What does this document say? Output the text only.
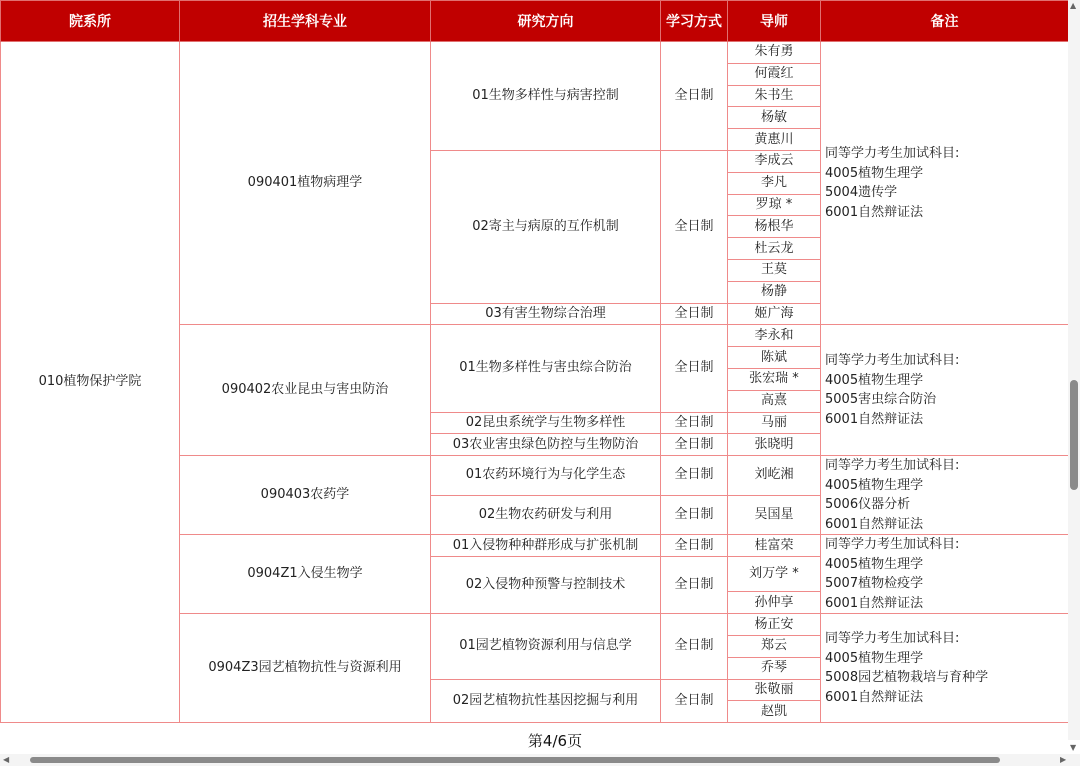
院系所	招生学科专业	研究方向	学习方式	导师	备注
010植物保护学院	090401植物病理学	01生物多样性与病害控制	全日制	朱有勇	同等学力考生加试科目:
4005植物生理学
5004遗传学
6001自然辩证法

				何霞红	
				朱书生	
				杨敏	
				黄惠川	
		02寄主与病原的互作机制	全日制	李成云	
				李凡	
				罗琼 *	
				杨根华	
				杜云龙	
				王莫	
				杨静	
		03有害生物综合治理	全日制	姬广海	
	090402农业昆虫与害虫防治	01生物多样性与害虫综合防治	全日制	李永和	同等学力考生加试科目:
4005植物生理学
5005害虫综合防治
6001自然辩证法

				陈斌	
				张宏瑞 *	
				高熹	
		02昆虫系统学与生物多样性	全日制	马丽	
		03农业害虫绿色防控与生物防治	全日制	张晓明	
	090403农药学	01农药环境行为与化学生态	全日制	刘屹湘	同等学力考生加试科目:
4005植物生理学
5006仪器分析
6001自然辩证法

		02生物农药研发与利用	全日制	吴国星	
	0904Z1入侵生物学	01入侵物种种群形成与扩张机制	全日制	桂富荣	同等学力考生加试科目:
4005植物生理学
5007植物检疫学
6001自然辩证法

		02入侵物种预警与控制技术	全日制	刘万学 *	
				孙仲享	
	0904Z3园艺植物抗性与资源利用	01园艺植物资源利用与信息学	全日制	杨正安	同等学力考生加试科目:
4005植物生理学
5008园艺植物栽培与育种学
6001自然辩证法

				郑云	
				乔琴	
		02园艺植物抗性基因挖掘与利用	全日制	张敬丽	
				赵凯	
第4/6页
▲
▼
◀	▶
